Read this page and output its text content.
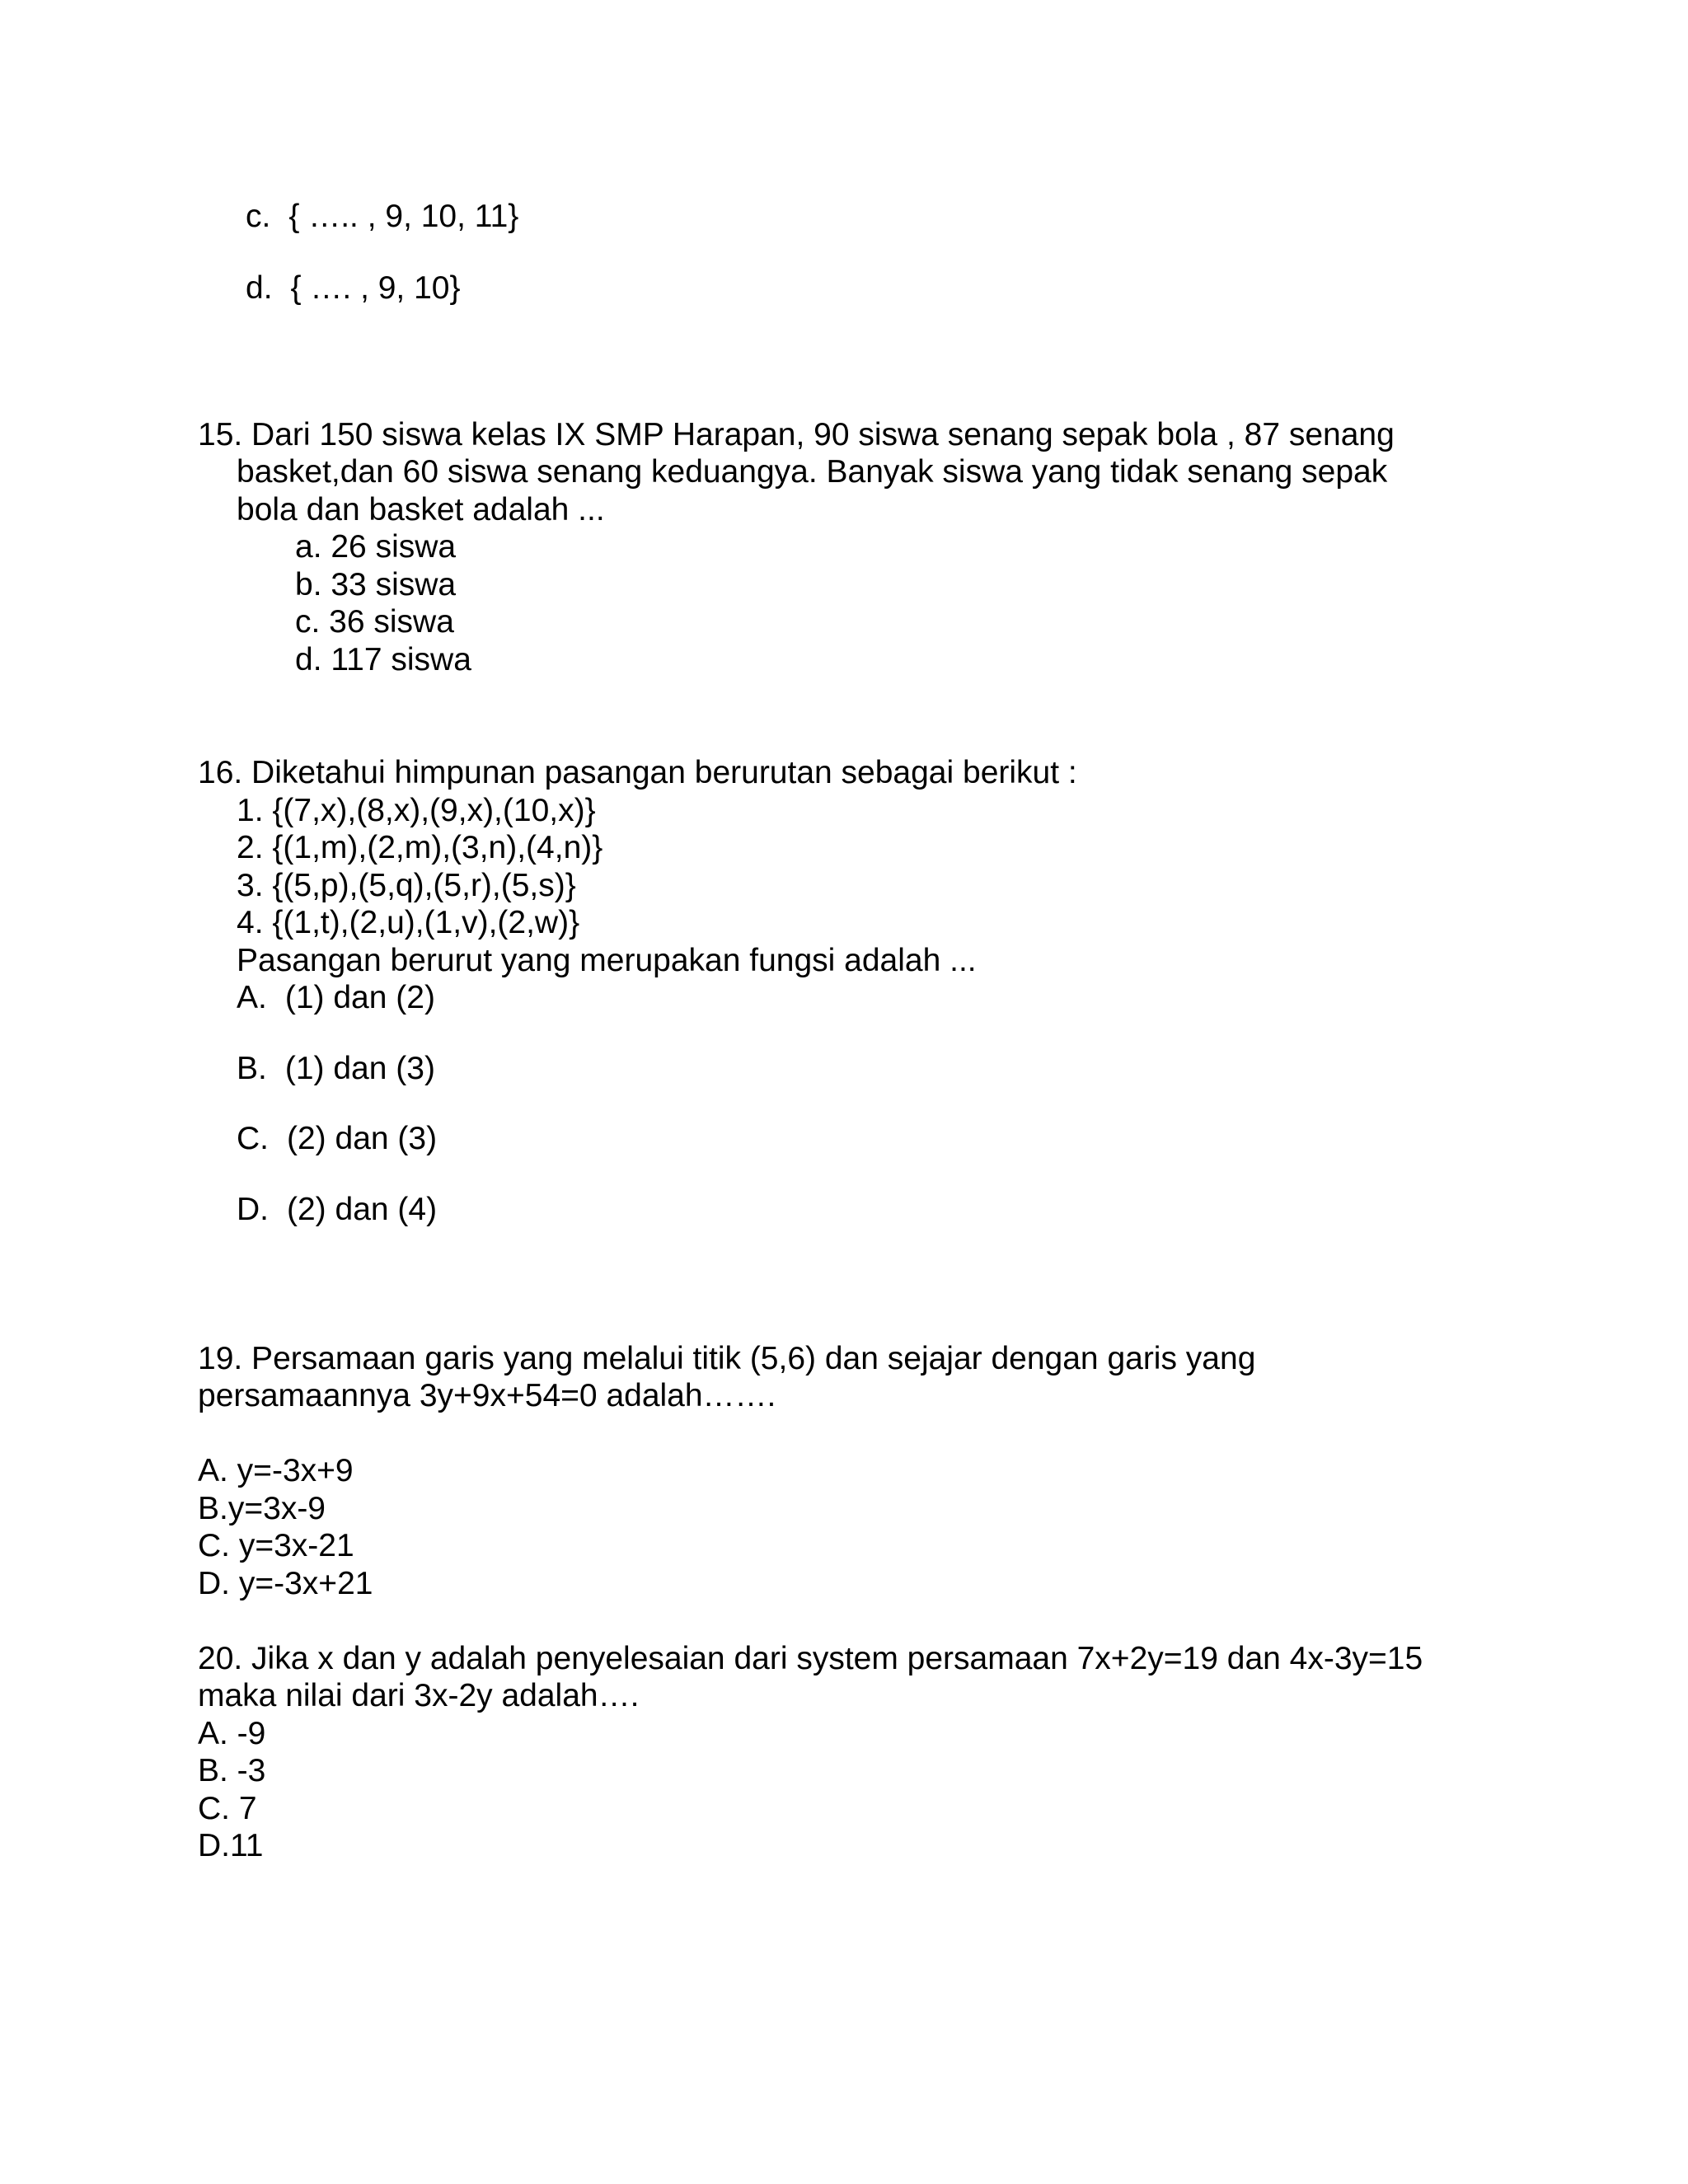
c. { ….. , 9, 10, 11}
d. { …. , 9, 10}
15. Dari 150 siswa kelas IX SMP Harapan, 90 siswa senang sepak bola , 87 senang
basket,dan 60 siswa senang keduangya. Banyak siswa yang tidak senang sepak
bola dan basket adalah ...
a. 26 siswa
b. 33 siswa
c. 36 siswa
d. 117 siswa
16. Diketahui himpunan pasangan berurutan sebagai berikut :
1. {(7,x),(8,x),(9,x),(10,x)}
2. {(1,m),(2,m),(3,n),(4,n)}
3. {(5,p),(5,q),(5,r),(5,s)}
4. {(1,t),(2,u),(1,v),(2,w)}
Pasangan berurut yang merupakan fungsi adalah ...
A. (1) dan (2)
B. (1) dan (3)
C. (2) dan (3)
D. (2) dan (4)
19. Persamaan garis yang melalui titik (5,6) dan sejajar dengan garis yang
persamaannya 3y+9x+54=0 adalah…….
A. y=-3x+9
B.y=3x-9
C. y=3x-21
D. y=-3x+21
20. Jika x dan y adalah penyelesaian dari system persamaan 7x+2y=19 dan 4x-3y=15
maka nilai dari 3x-2y adalah….
A. -9
B. -3
C. 7
D.11
